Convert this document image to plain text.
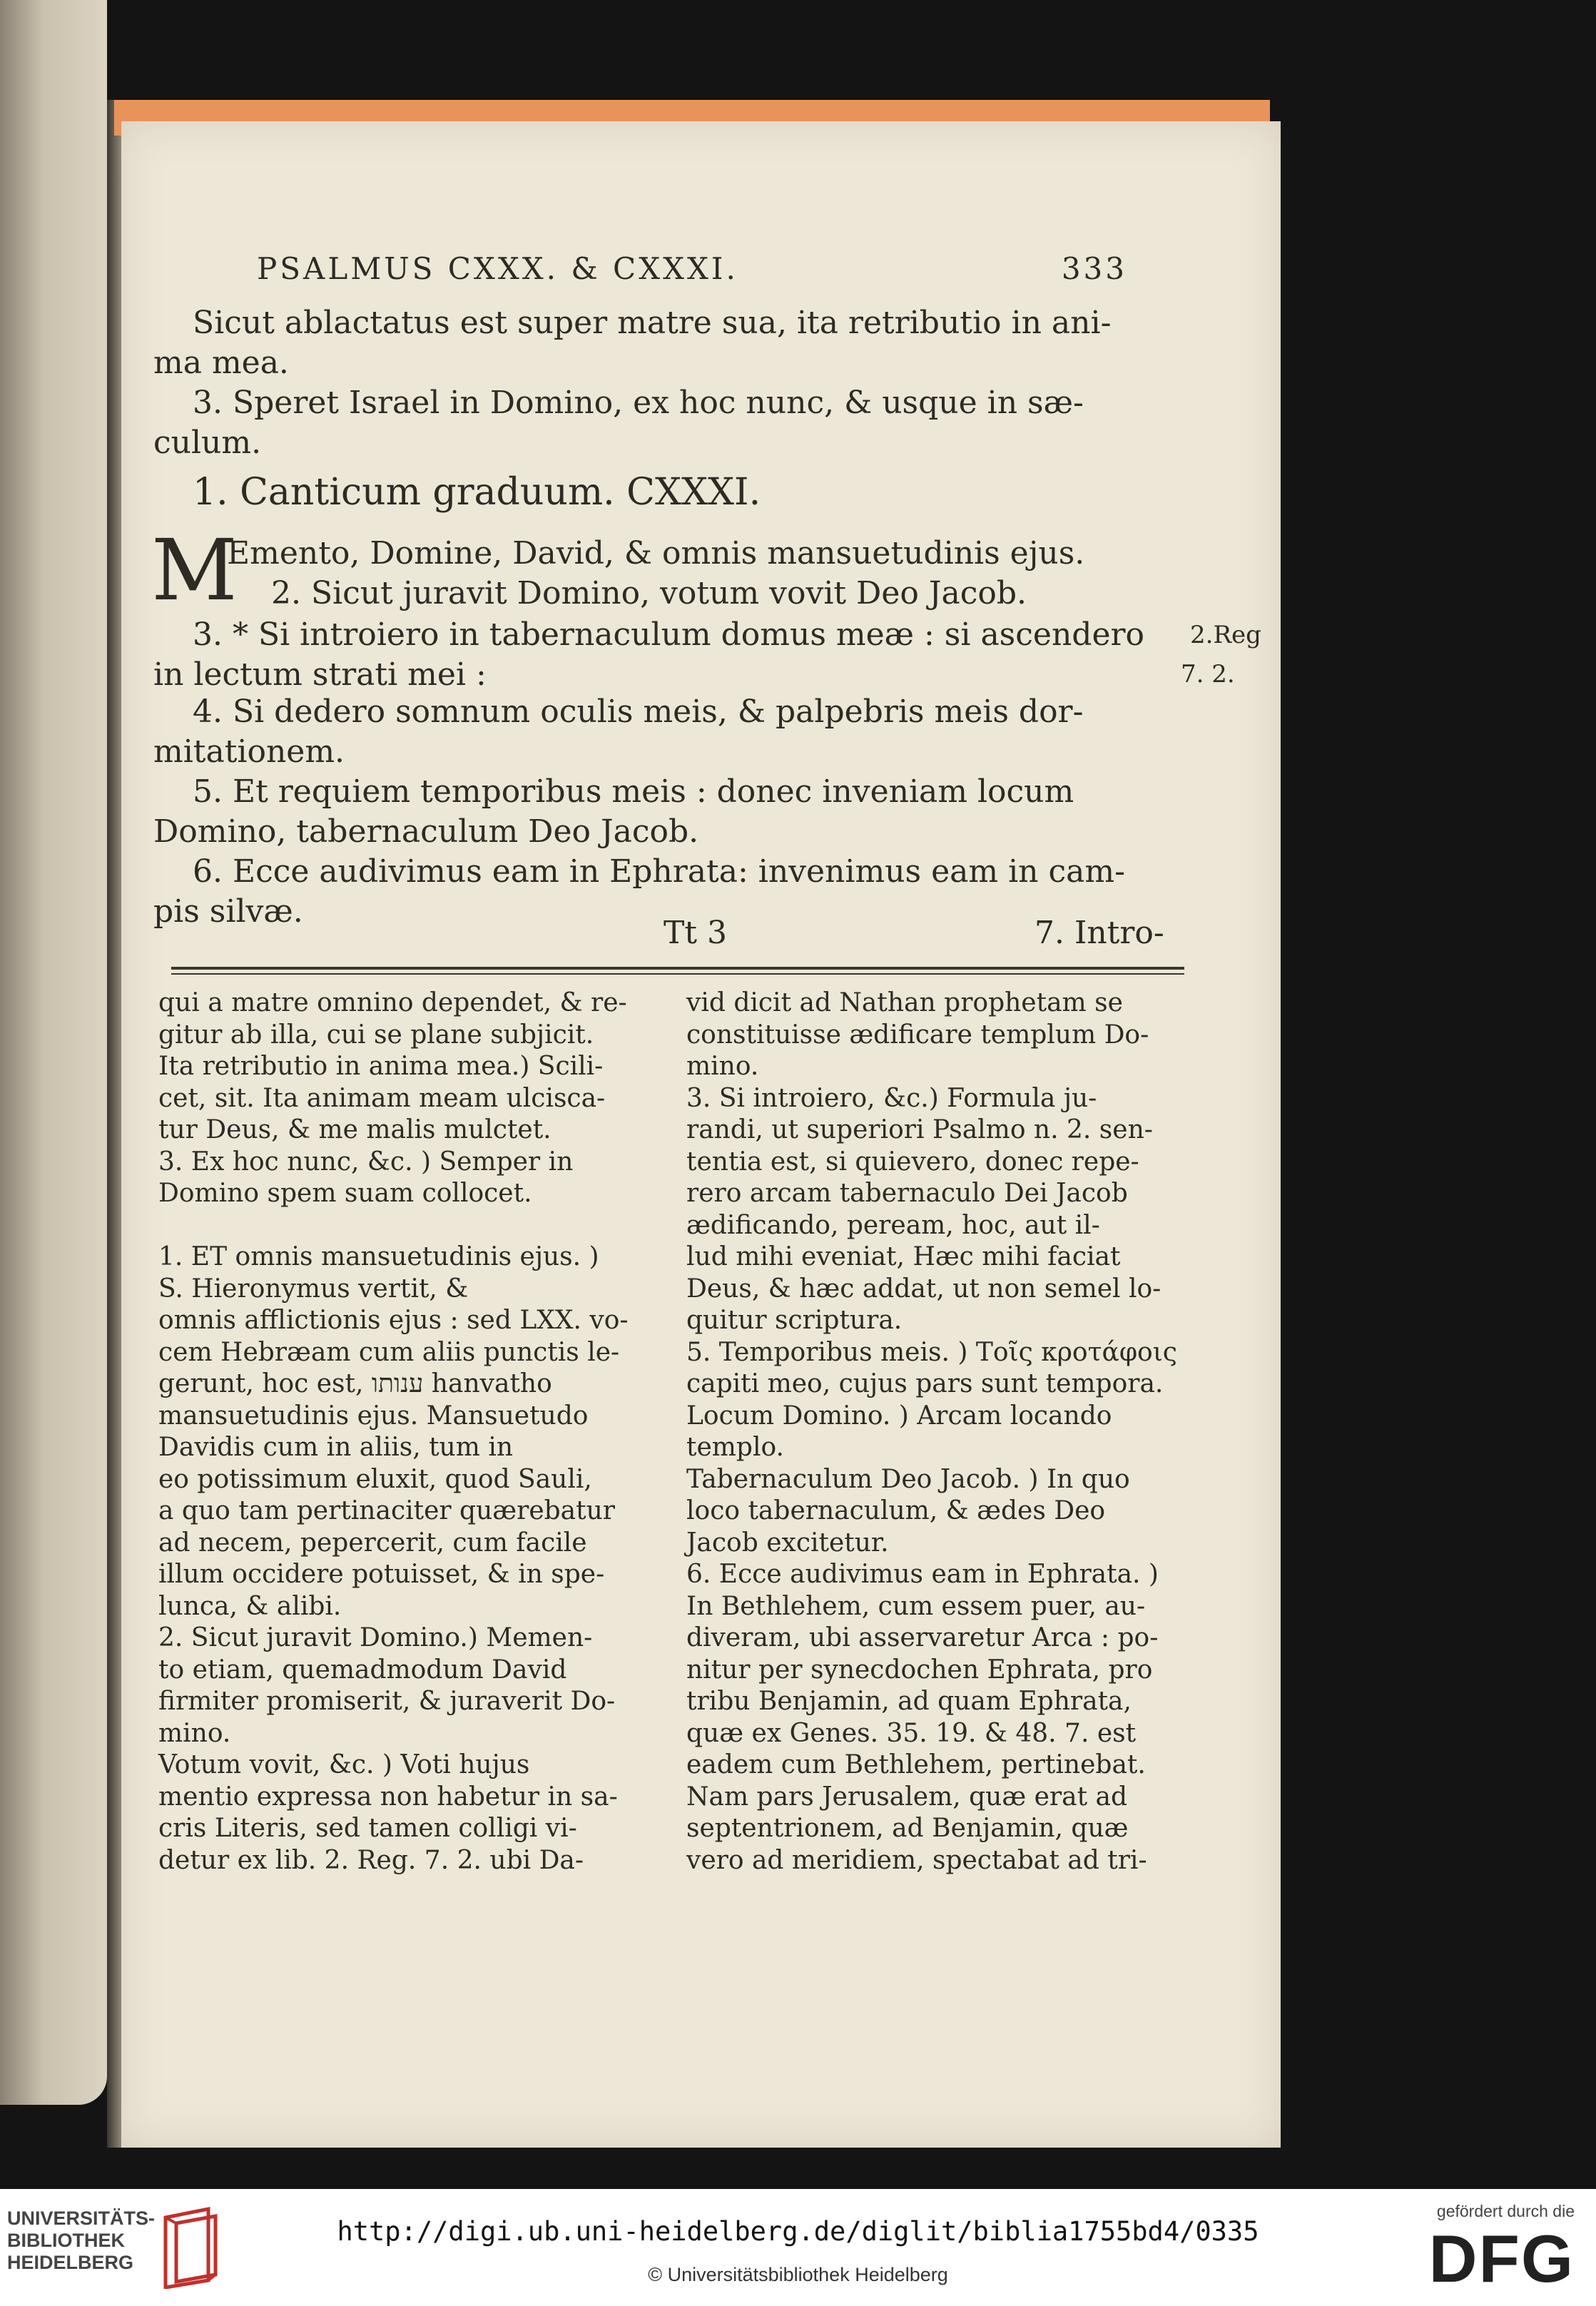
PSALMUS CXXX. & CXXXI.	333
Sicut ablactatus est super matre sua, ita retributio in ani-
ma mea.
3. Speret Israel in Domino, ex hoc nunc, & usque in sæ-
culum.
1. Canticum graduum. CXXXI.
M
Emento, Domine, David, & omnis mansuetudinis ejus.
2. Sicut juravit Domino, votum vovit Deo Jacob.
3. * Si introiero in tabernaculum domus meæ : si ascendero
in lectum strati mei :
4. Si dedero somnum oculis meis, & palpebris meis dor-
mitationem.
5. Et requiem temporibus meis : donec inveniam locum
Domino, tabernaculum Deo Jacob.
6. Ecce audivimus eam in Ephrata: invenimus eam in cam-
pis silvæ.
2.Reg
7. 2.
Tt 3	7. Intro-
qui a matre omnino dependet, & re-
gitur ab illa, cui se plane subjicit.
Ita retributio in anima mea.) Scili-
cet, sit. Ita animam meam ulciscа-
tur Deus, & me malis mulctet.
3. Ex hoc nunc, &c. ) Semper in
Domino spem suam collocet.
1. ET omnis mansuetudinis ejus. )
S. Hieronymus vertit, &
omnis afflictionis ejus : sed LXX. vo-
cem Hebræam cum aliis punctis le-
gerunt, hoc est, ענותו hanvatho
mansuetudinis ejus. Mansuetudo
Davidis cum in aliis, tum in
eo potissimum eluxit, quod Sauli,
a quo tam pertinaciter quærebatur
ad necem, pepercerit, cum facile
illum occidere potuisset, & in spe-
lunca, & alibi.
2. Sicut juravit Domino.) Memen-
to etiam, quemadmodum David
firmiter promiserit, & juraverit Do-
mino.
Votum vovit, &c. ) Voti hujus
mentio expressa non habetur in sa-
cris Literis, sed tamen colligi vi-
detur ex lib. 2. Reg. 7. 2. ubi Da-
vid dicit ad Nathan prophetam se
constituisse ædificare templum Do-
mino.
3. Si introiero, &c.) Formula ju-
randi, ut superiori Psalmo n. 2. sen-
tentia est, si quievero, donec repe-
rero arcam tabernaculo Dei Jacob
ædificando, peream, hoc, aut il-
lud mihi eveniat, Hæc mihi faciat
Deus, & hæc addat, ut non semel lo-
quitur scriptura.
5. Temporibus meis. ) Τοῖς κροτάφοις
capiti meo, cujus pars sunt tempora.
Locum Domino. ) Arcam locando
templo.
Tabernaculum Deo Jacob. ) In quo
loco tabernaculum, & ædes Deo
Jacob excitetur.
6. Ecce audivimus eam in Ephrata. )
In Bethlehem, cum essem puer, au-
diveram, ubi asservaretur Arca : po-
nitur per synecdochen Ephrata, pro
tribu Benjamin, ad quam Ephrata,
quæ ex Genes. 35. 19. & 48. 7. est
eadem cum Bethlehem, pertinebat.
Nam pars Jerusalem, quæ erat ad
septentrionem, ad Benjamin, quæ
vero ad meridiem, spectabat ad tri-
UNIVERSITÄTS-
BIBLIOTHEK
HEIDELBERG
http://digi.ub.uni-heidelberg.de/diglit/biblia1755bd4/0335
© Universitätsbibliothek Heidelberg
gefördert durch die
DFG
